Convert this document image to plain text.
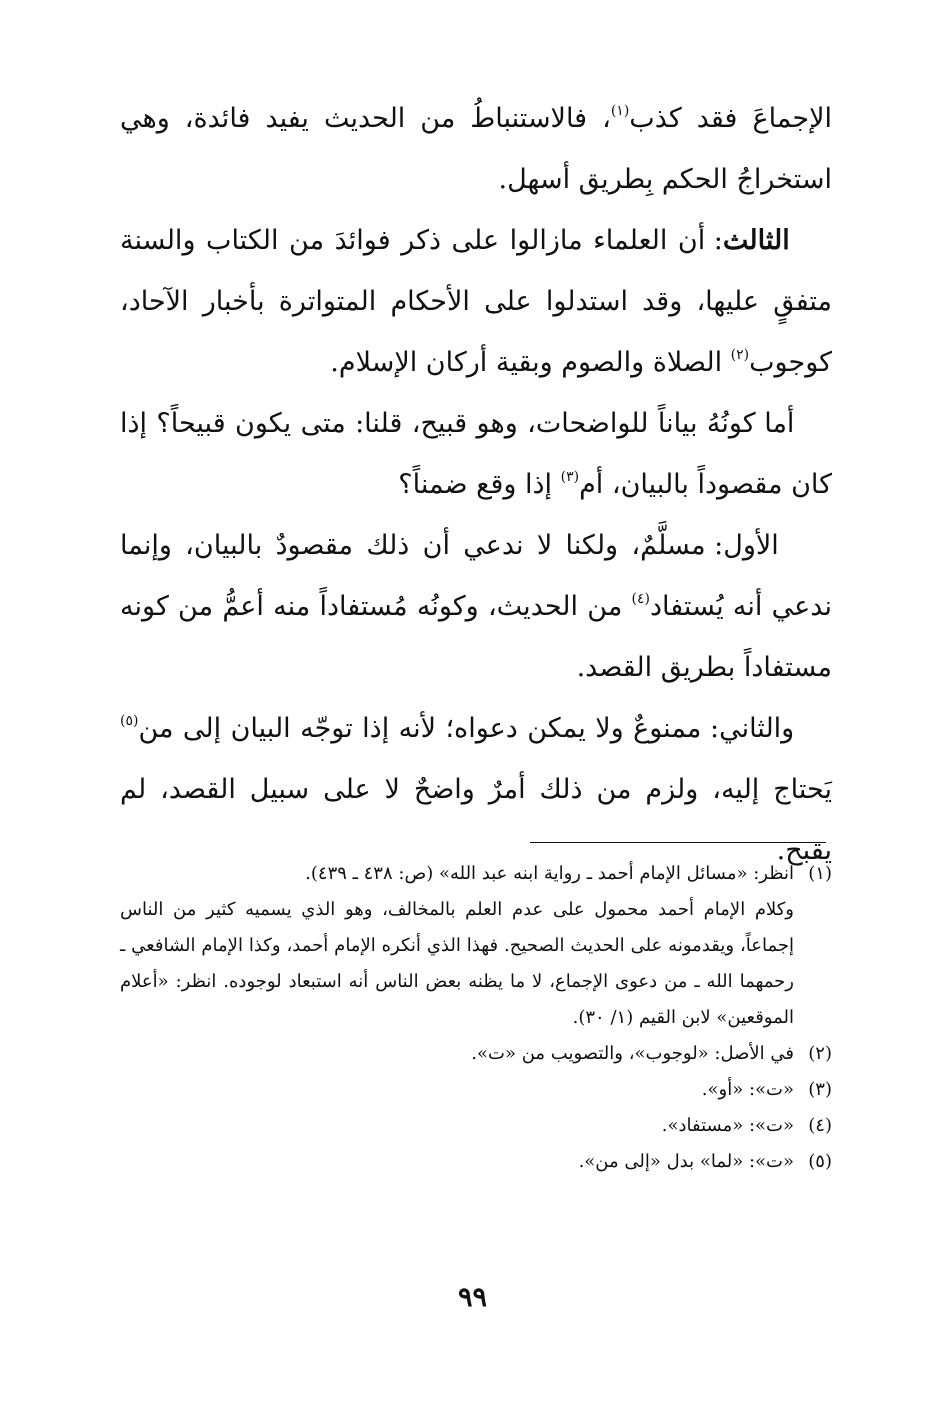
الإجماعَ فقد كذب$^{(١)}$، فالاستنباطُ من الحديث يفيد فائدة، وهي استخراجُ الحكم بِطريق أسهل.

الثالث: أن العلماء مازالوا على ذكر فوائدَ من الكتاب والسنة متفقٍ عليها، وقد استدلوا على الأحكام المتواترة بأخبار الآحاد، كوجوب$^{(٢)}$ الصلاة والصوم وبقية أركان الإسلام.

أما كونُهُ بياناً للواضحات، وهو قبيح، قلنا: متى يكون قبيحاً؟ إذا كان مقصوداً بالبيان، أم$^{(٣)}$ إذا وقع ضمناً؟

الأول: مسلَّمٌ، ولكنا لا ندعي أن ذلك مقصودٌ بالبيان، وإنما ندعي أنه يُستفاد$^{(٤)}$ من الحديث، وكونُه مُستفاداً منه أعمُّ من كونه مستفاداً بطريق القصد.

والثاني: ممنوعٌ ولا يمكن دعواه؛ لأنه إذا توجّه البيان إلى من$^{(٥)}$ يَحتاج إليه، ولزم من ذلك أمرٌ واضحٌ لا على سبيل القصد، لم يقبح.

(١)
انظر: «مسائل الإمام أحمد ـ رواية ابنه عبد الله» (ص: ٤٣٨ ـ ٤٣٩).
وكلام الإمام أحمد محمول على عدم العلم بالمخالف، وهو الذي يسميه كثير من الناس إجماعاً، ويقدمونه على الحديث الصحيح. فهذا الذي أنكره الإمام أحمد، وكذا الإمام الشافعي ـ رحمهما الله ـ من دعوى الإجماع، لا ما يظنه بعض الناس أنه استبعاد لوجوده. انظر: «أعلام الموقعين» لابن القيم (١/ ٣٠).
(٢)
في الأصل: «لوجوب»، والتصويب من «ت».
(٣)
«ت»: «أو».
(٤)
«ت»: «مستفاد».
(٥)
«ت»: «لما» بدل «إلى من».
٩٩
